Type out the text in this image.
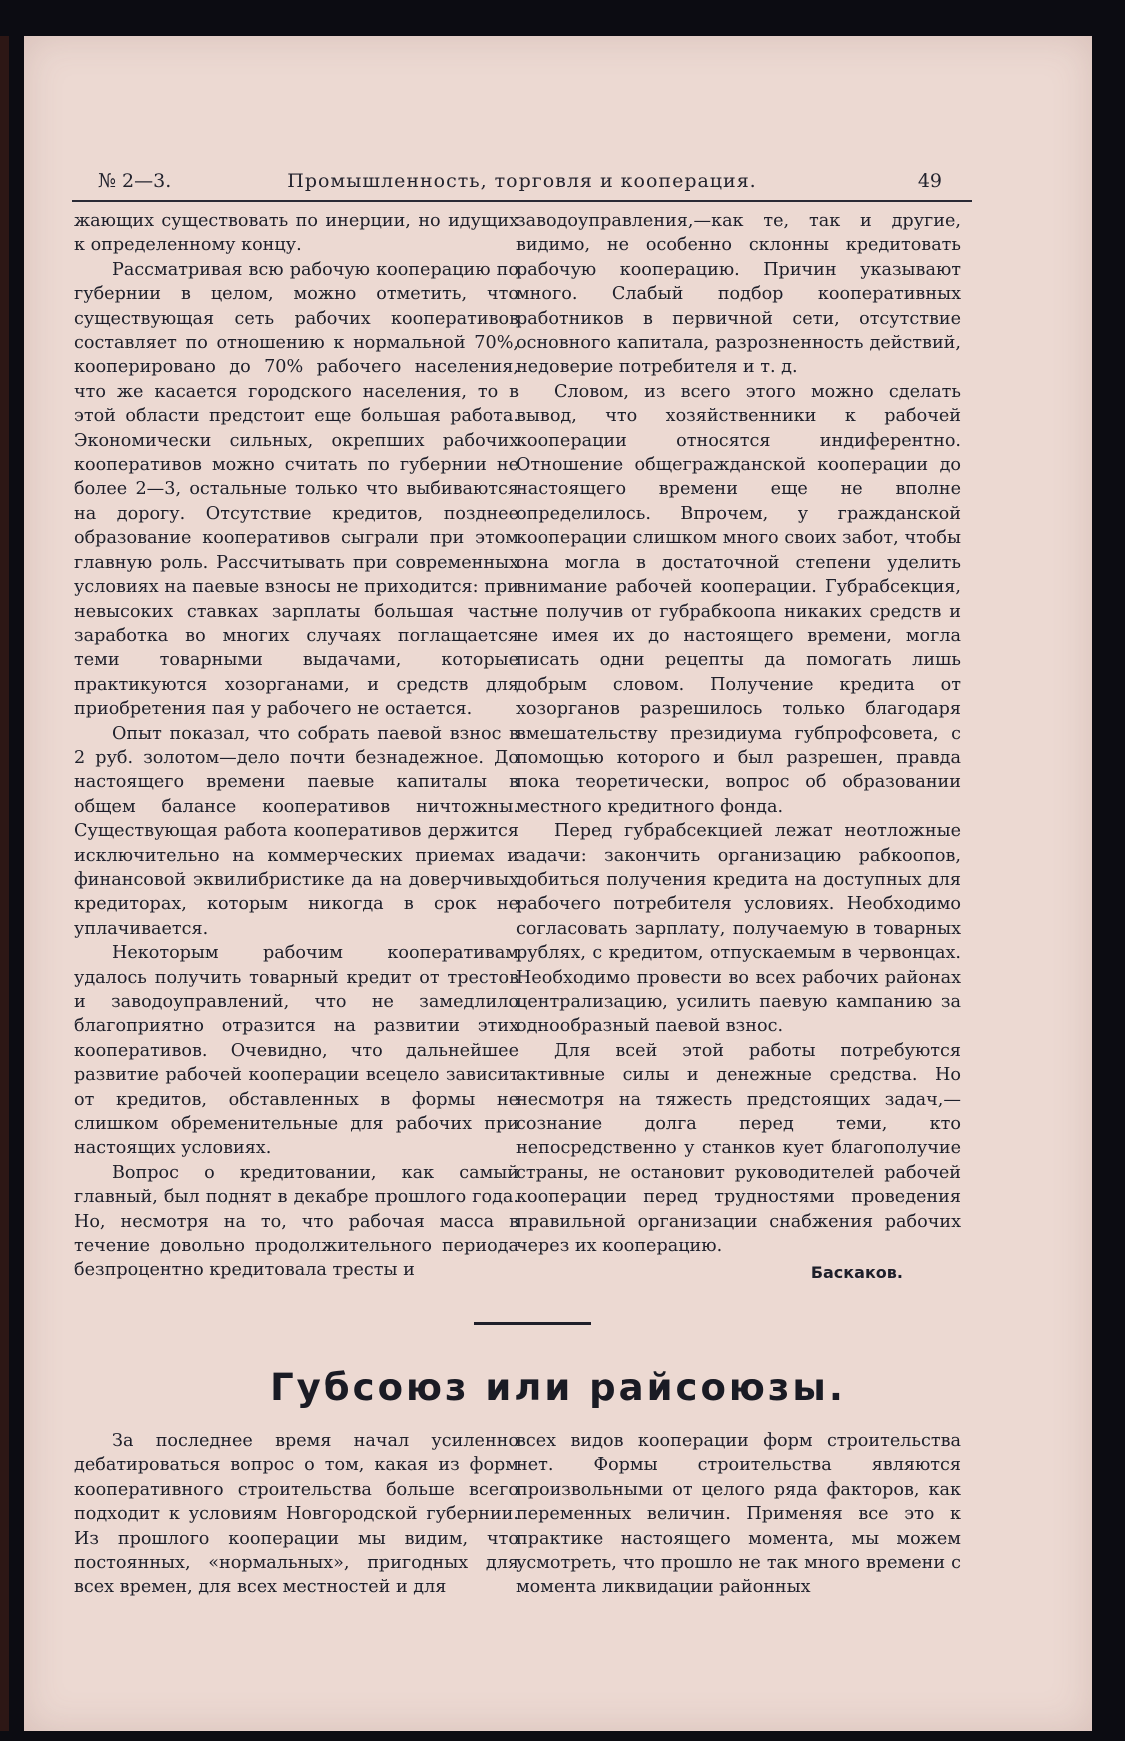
№ 2—3.	Промышленность, торговля и кооперация.	49

жающих существовать по инерции, но идущих к определенному концу.

Рассматривая всю рабочую кооперацию по губернии в целом, можно отметить, что существующая сеть рабочих кооперативов составляет по отношению к нормальной 70%, кооперировано до 70% рабочего населения, что же касается городского населения, то в этой области предстоит еще большая работа. Экономически сильных, окрепших рабочих кооперативов можно считать по губернии не более 2—3, остальные только что выбиваются на дорогу. Отсутствие кредитов, позднее образование кооперативов сыграли при этом главную роль. Рассчитывать при современных условиях на паевые взносы не приходится: при невысоких ставках зарплаты большая часть заработка во многих случаях поглащается теми товарными выдачами, которые практикуются хозорганами, и средств для приобретения пая у рабочего не остается.

Опыт показал, что собрать паевой взнос в 2 руб. золотом—дело почти безнадежное. До настоящего времени паевые капиталы в общем балансе кооперативов ничтожны. Существующая работа кооперативов держится исключительно на коммерческих приемах и финансовой эквилибристике да на доверчивых кредиторах, которым никогда в срок не уплачивается.

Некоторым рабочим кооперативам удалось получить товарный кредит от трестов и заводоуправлений, что не замедлило благоприятно отразится на развитии этих кооперативов. Очевидно, что дальнейшее развитие рабочей кооперации всецело зависит от кредитов, обставленных в формы не слишком обременительные для рабочих при настоящих условиях.

Вопрос о кредитовании, как самый главный, был поднят в декабре прошлого года. Но, несмотря на то, что рабочая масса в течение довольно продолжительного периода безпроцентно кредитовала тресты и

заводоуправления,—как те, так и другие, видимо, не особенно склонны кредитовать рабочую кооперацию. Причин указывают много. Слабый подбор кооперативных работников в первичной сети, отсутствие основного капитала, разрозненность действий, недоверие потребителя и т. д.

Словом, из всего этого можно сделать вывод, что хозяйственники к рабочей кооперации относятся индиферентно. Отношение общегражданской кооперации до настоящего времени еще не вполне определилось. Впрочем, у гражданской кооперации слишком много своих забот, чтобы она могла в достаточной степени уделить внимание рабочей кооперации. Губрабсекция, не получив от губрабкоопа никаких средств и не имея их до настоящего времени, могла писать одни рецепты да помогать лишь добрым словом. Получение кредита от хозорганов разрешилось только благодаря вмешательству президиума губпрофсовета, с помощью которого и был разрешен, правда пока теоретически, вопрос об образовании местного кредитного фонда.

Перед губрабсекцией лежат неотложные задачи: закончить организацию рабкоопов, добиться получения кредита на доступных для рабочего потребителя условиях. Необходимо согласовать зарплату, получаемую в товарных рублях, с кредитом, отпускаемым в червонцах. Необходимо провести во всех рабочих районах централизацию, усилить паевую кампанию за однообразный паевой взнос.

Для всей этой работы потребуются активные силы и денежные средства. Но несмотря на тяжесть предстоящих задач,—сознание долга перед теми, кто непосредственно у станков кует благополучие страны, не остановит руководителей рабочей кооперации перед трудностями проведения правильной организации снабжения рабочих через их кооперацию.

Баскаков.
Губсоюз или райсоюзы.

За последнее время начал усиленно дебатироваться вопрос о том, какая из форм кооперативного строительства больше всего подходит к условиям Новгородской губернии. Из прошлого кооперации мы видим, что постоянных, «нормальных», пригодных для всех времен, для всех местностей и для

всех видов кооперации форм строительства нет. Формы строительства являются произвольными от целого ряда факторов, как переменных величин. Применяя все это к практике настоящего момента, мы можем усмотреть, что прошло не так много времени с момента ликвидации районных
